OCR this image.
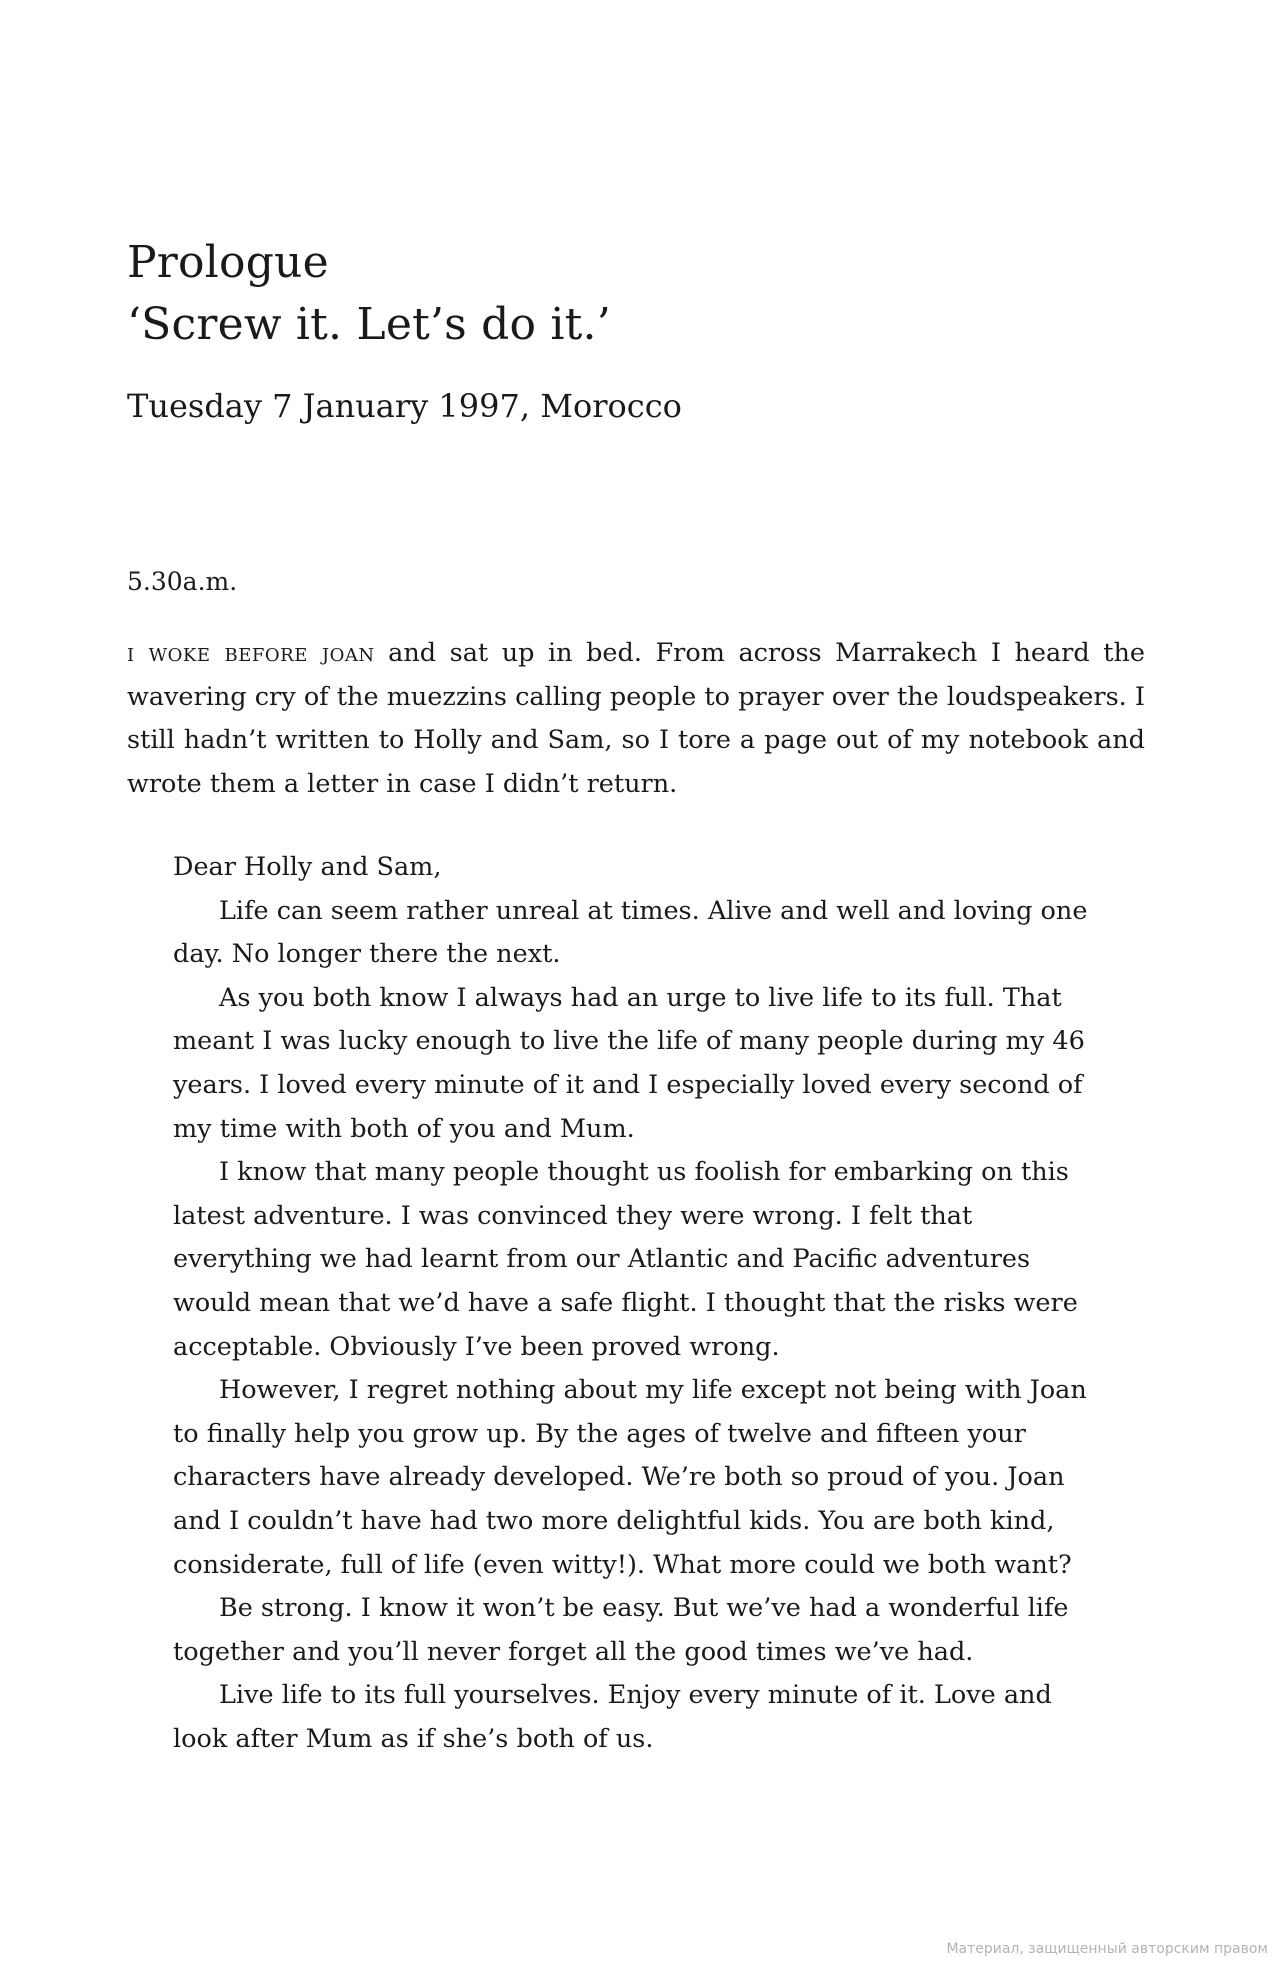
Prologue
‘Screw it. Let’s do it.’
Tuesday 7 January 1997, Morocco

5.30a.m.

i woke before joan and sat up in bed. From across Marrakech I heard the wavering cry of the muezzins calling people to prayer over the loudspeakers. I still hadn’t written to Holly and Sam, so I tore a page out of my notebook and wrote them a letter in case I didn’t return.

Dear Holly and Sam,

Life can seem rather unreal at times. Alive and well and loving one day. No longer there the next.

As you both know I always had an urge to live life to its full. That meant I was lucky enough to live the life of many people during my 46 years. I loved every minute of it and I especially loved every second of my time with both of you and Mum.

I know that many people thought us foolish for embarking on this latest adventure. I was convinced they were wrong. I felt that everything we had learnt from our Atlantic and Pacific adventures would mean that we’d have a safe flight. I thought that the risks were acceptable. Obviously I’ve been proved wrong.

However, I regret nothing about my life except not being with Joan to finally help you grow up. By the ages of twelve and fifteen your characters have already developed. We’re both so proud of you. Joan and I couldn’t have had two more delightful kids. You are both kind, considerate, full of life (even witty!). What more could we both want?

Be strong. I know it won’t be easy. But we’ve had a wonderful life together and you’ll never forget all the good times we’ve had.

Live life to its full yourselves. Enjoy every minute of it. Love and look after Mum as if she’s both of us.

Материал, защищенный авторским правом
